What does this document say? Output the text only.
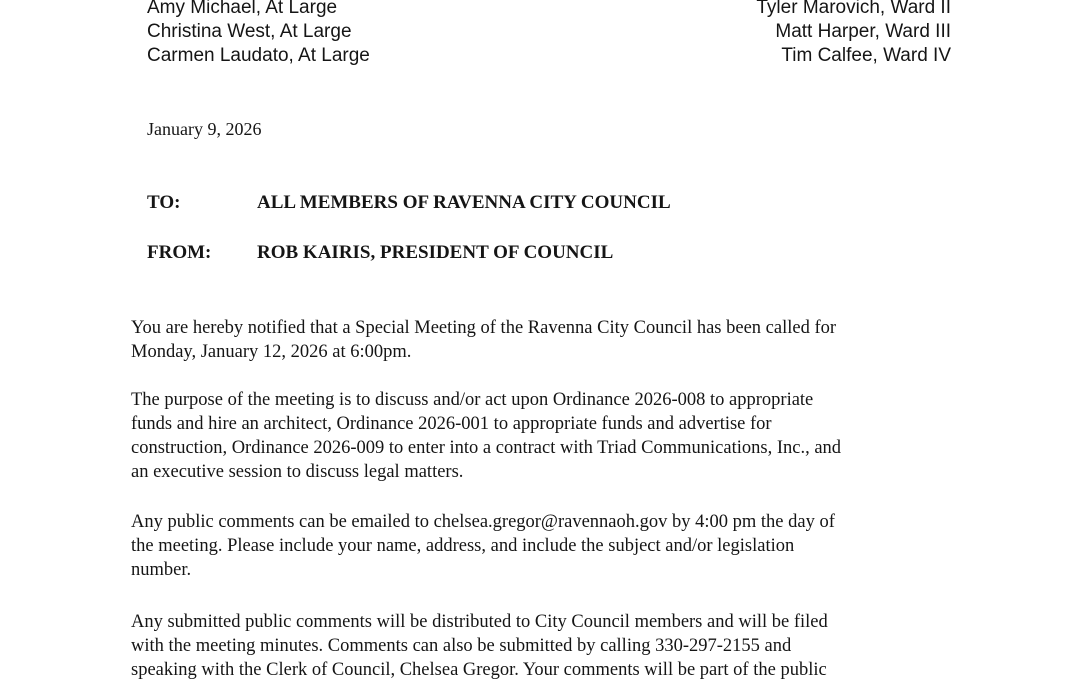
Amy Michael, At Large
Christina West, At Large
Carmen Laudato, At Large
Tyler Marovich, Ward II
Matt Harper, Ward III
Tim Calfee, Ward IV
January 9, 2026
TO:	ALL MEMBERS OF RAVENNA CITY COUNCIL
FROM: ROB KAIRIS, PRESIDENT OF COUNCIL
You are hereby notified that a Special Meeting of the Ravenna City Council has been called for
Monday, January 12, 2026 at 6:00pm.
The purpose of the meeting is to discuss and/or act upon Ordinance 2026-008 to appropriate
funds and hire an architect, Ordinance 2026-001 to appropriate funds and advertise for
construction, Ordinance 2026-009 to enter into a contract with Triad Communications, Inc., and
an executive session to discuss legal matters.
Any public comments can be emailed to chelsea.gregor@ravennaoh.gov by 4:00 pm the day of
the meeting. Please include your name, address, and include the subject and/or legislation
number.
Any submitted public comments will be distributed to City Council members and will be filed
with the meeting minutes. Comments can also be submitted by calling 330-297-2155 and
speaking with the Clerk of Council, Chelsea Gregor. Your comments will be part of the public
